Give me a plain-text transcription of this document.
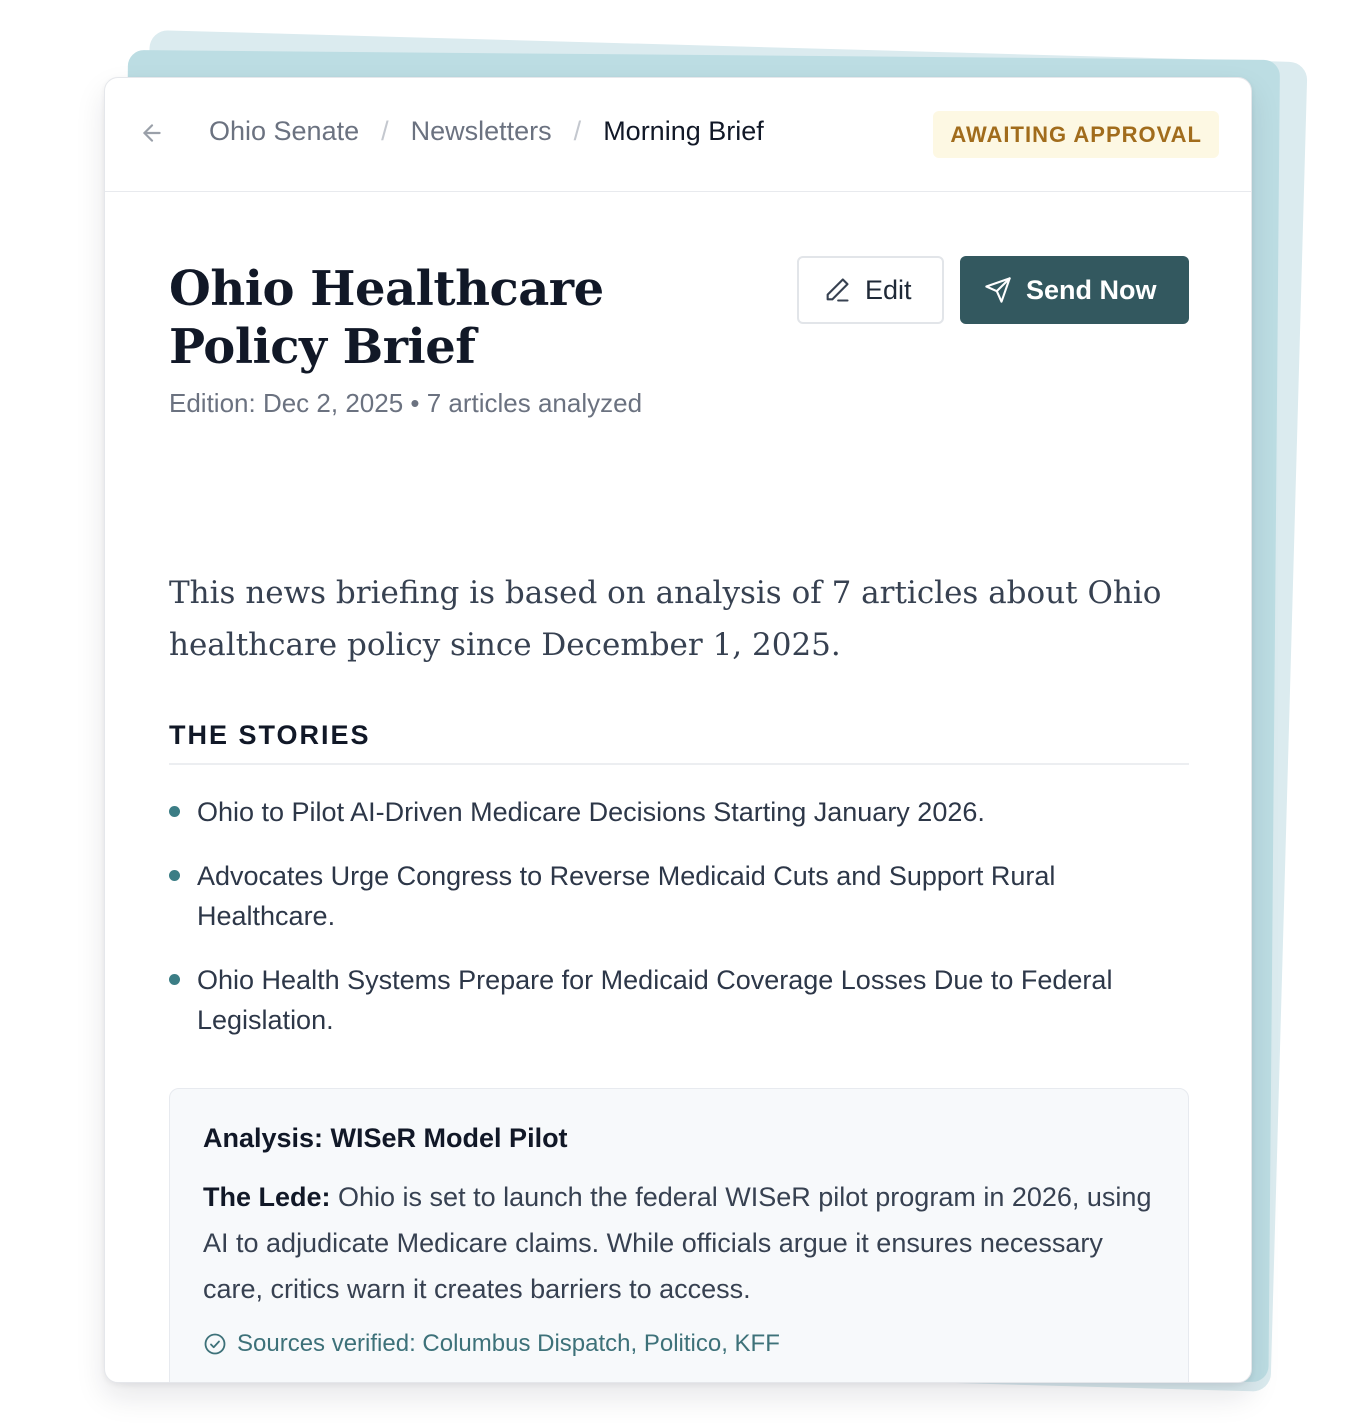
Ohio Senate / Newsletters / Morning Brief	AWAITING APPROVAL
Ohio Healthcare Policy Brief
Edition: Dec 2, 2025 • 7 articles analyzed
Edit	Send Now

This news briefing is based on analysis of 7 articles about Ohio healthcare policy since December 1, 2025.

THE STORIES
Ohio to Pilot AI-Driven Medicare Decisions Starting January 2026.
Advocates Urge Congress to Reverse Medicaid Cuts and Support Rural Healthcare.
Ohio Health Systems Prepare for Medicaid Coverage Losses Due to Federal Legislation.
Analysis: WISeR Model Pilot

The Lede: Ohio is set to launch the federal WISeR pilot program in 2026, using AI to adjudicate Medicare claims. While officials argue it ensures necessary care, critics warn it creates barriers to access.

Sources verified: Columbus Dispatch, Politico, KFF
